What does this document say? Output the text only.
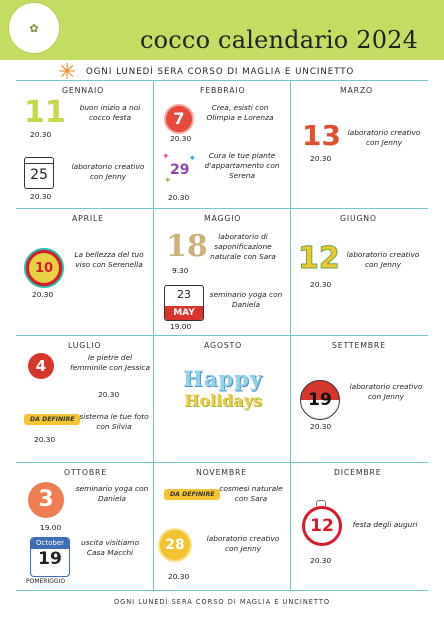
✿	cocco calendario 2024
✳ OGNI LUNEDÌ SERA CORSO DI MAGLIA E UNCINETTO
GENNAIO
11
20.30
buon inizio a noi cocco festa
25
20.30
laboratorio creativo con Jenny
FEBBRAIO
7
20.30
Crea, esisti con Olimpia e Lorenza
✦ ✦
✦
29
20.30
Cura le tue piante d'appartamento con Serena
MARZO
13
20.30
laboratorio creativo con Jenny
APRILE
10
20.30
La bellezza del tuo viso con Serenella
MAGGIO
18
9.30
laboratorio di saponificazione naturale con Sara
23
MAY
19.00
seminario yoga con Daniela
GIUGNO
12
20.30
laboratorio creativo con Jenny
LUGLIO
4	le pietre del femminile con Jessica
20.30
DA DEFINIRE sistema le tue foto con Silvia
20.30
AGOSTO
Happy
Holidays
SETTEMBRE
19
20.30
laboratorio creativo con Jenny
OTTOBRE
3	seminario yoga con Daniela
19.00
October
19
POMERIGGIO
uscita visitiamo Casa Macchi
NOVEMBRE
DA DEFINIRE
cosmesi naturale con Sara
28
20.30
laboratorio creativo con Jenny
DICEMBRE
12
20.30
festa degli auguri
OGNI LUNEDÌ SERA CORSO DI MAGLIA E UNCINETTO
